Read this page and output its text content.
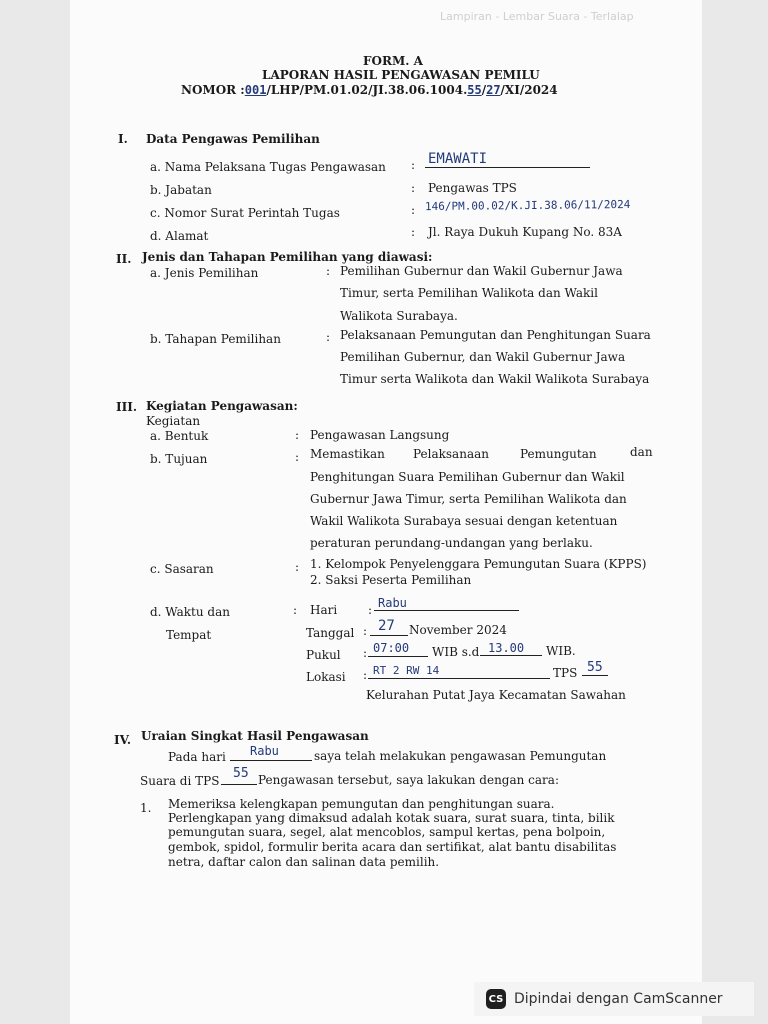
Lampiran - Lembar Suara - Terlalap
FORM. A
LAPORAN HASIL PENGAWASAN PEMILU
NOMOR :001/LHP/PM.01.02/JI.38.06.1004.55/27/XI/2024
I. Data Pengawas Pemilihan
a. Nama Pelaksana Tugas Pengawasan : EMAWATI
b. Jabatan	: Pengawas TPS
c. Nomor Surat Perintah Tugas	: 146/PM.00.02/K.JI.38.06/11/2024
d. Alamat	: Jl. Raya Dukuh Kupang No. 83A
II. Jenis dan Tahapan Pemilihan yang diawasi:
a. Jenis Pemilihan	: Pemilihan Gubernur dan Wakil Gubernur Jawa
Timur, serta Pemilihan Walikota dan Wakil
Walikota Surabaya.
b. Tahapan Pemilihan	: Pelaksanaan Pemungutan dan Penghitungan Suara
Pemilihan Gubernur, dan Wakil Gubernur Jawa
Timur serta Walikota dan Wakil Walikota Surabaya
III. Kegiatan Pengawasan:
Kegiatan
a. Bentuk	: Pengawasan Langsung
b. Tujuan	: Memastikan Pelaksanaan	Pemungutan	dan
Penghitungan Suara Pemilihan Gubernur dan Wakil
Gubernur Jawa Timur, serta Pemilihan Walikota dan
Wakil Walikota Surabaya sesuai dengan ketentuan
peraturan perundang-undangan yang berlaku.
c. Sasaran	: 1. Kelompok Penyelenggara Pemungutan Suara (KPPS)
2. Saksi Peserta Pemilihan
d. Waktu dan
Tempat
: Hari	: Rabu
Tanggal : 27 November 2024
Pukul : 07:00 WIB s.d 13.00 WIB.
Lokasi : RT 2 RW 14	TPS 55
Kelurahan Putat Jaya Kecamatan Sawahan
IV. Uraian Singkat Hasil Pengawasan
Pada hari Rabu	saya telah melakukan pengawasan Pemungutan
Suara di TPS 55 Pengawasan tersebut, saya lakukan dengan cara:
1. Memeriksa kelengkapan pemungutan dan penghitungan suara.
Perlengkapan yang dimaksud adalah kotak suara, surat suara, tinta, bilik
pemungutan suara, segel, alat mencoblos, sampul kertas, pena bolpoin,
gembok, spidol, formulir berita acara dan sertifikat, alat bantu disabilitas
netra, daftar calon dan salinan data pemilih.
CS Dipindai dengan CamScanner
